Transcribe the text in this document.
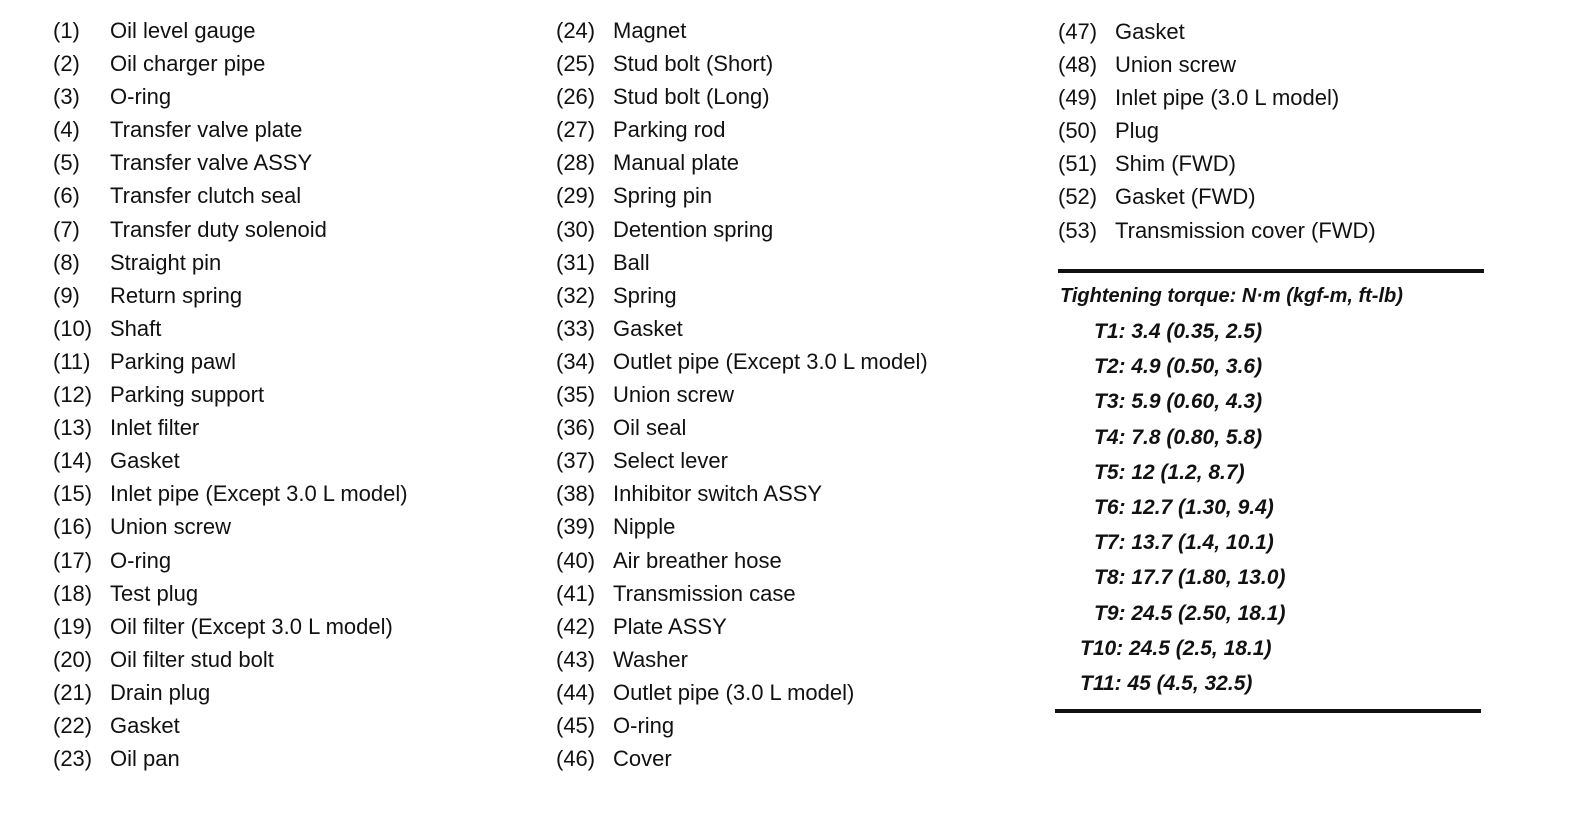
(1)	Oil level gauge
(2)	Oil charger pipe
(3)	O-ring
(4)	Transfer valve plate
(5)	Transfer valve ASSY
(6)	Transfer clutch seal
(7)	Transfer duty solenoid
(8)	Straight pin
(9)	Return spring
(10) Shaft
(11) Parking pawl
(12) Parking support
(13) Inlet filter
(14) Gasket
(15) Inlet pipe (Except 3.0 L model)
(16) Union screw
(17) O-ring
(18) Test plug
(19) Oil filter (Except 3.0 L model)
(20) Oil filter stud bolt
(21) Drain plug
(22) Gasket
(23) Oil pan
(24) Magnet
(25) Stud bolt (Short)
(26) Stud bolt (Long)
(27) Parking rod
(28) Manual plate
(29) Spring pin
(30) Detention spring
(31) Ball
(32) Spring
(33) Gasket
(34) Outlet pipe (Except 3.0 L model)
(35) Union screw
(36) Oil seal
(37) Select lever
(38) Inhibitor switch ASSY
(39) Nipple
(40) Air breather hose
(41) Transmission case
(42) Plate ASSY
(43) Washer
(44) Outlet pipe (3.0 L model)
(45) O-ring
(46) Cover
(47) Gasket
(48) Union screw
(49) Inlet pipe (3.0 L model)
(50) Plug
(51) Shim (FWD)
(52) Gasket (FWD)
(53) Transmission cover (FWD)
Tightening torque: N·m (kgf-m, ft-lb)
T1: 3.4 (0.35, 2.5)
T2: 4.9 (0.50, 3.6)
T3: 5.9 (0.60, 4.3)
T4: 7.8 (0.80, 5.8)
T5: 12 (1.2, 8.7)
T6: 12.7 (1.30, 9.4)
T7: 13.7 (1.4, 10.1)
T8: 17.7 (1.80, 13.0)
T9: 24.5 (2.50, 18.1)
T10: 24.5 (2.5, 18.1)
T11: 45 (4.5, 32.5)
